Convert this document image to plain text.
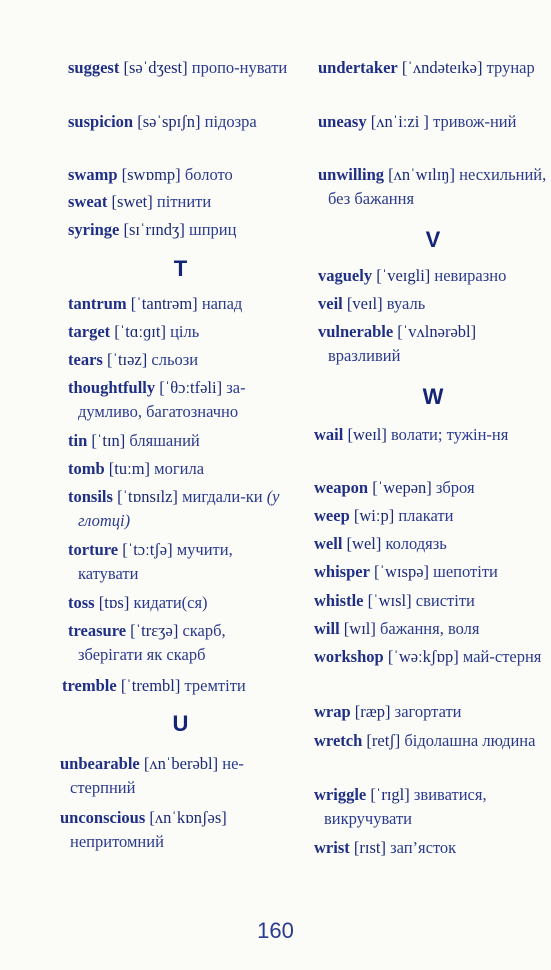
suggest [səˈdʒest] пропо-нувати
suspicion [səˈspɪʃn] підозра
swamp [swɒmp] болото
sweat [swet] пітнити
syringe [sɪˈrɪndʒ] шприц
T
tantrum [ˈtantrəm] напад
target [ˈtɑːɡɪt] ціль
tears [ˈtɪəz] сльози
thoughtfully [ˈθɔːtfəli] за-думливо, багатозначно
tin [ˈtɪn] бляшаний
tomb [tuːm] могила
tonsils [ˈtɒnsɪlz] мигдали-ки (у глотці)
torture [ˈtɔːtʃə] мучити, катувати
toss [tɒs] кидати(ся)
treasure [ˈtrɛʒə] скарб, зберігати як скарб
tremble [ˈtrembl] тремтіти
U
unbearable [ʌnˈberəbl] не-стерпний
unconscious [ʌnˈkɒnʃəs] непритомний
undertaker [ˈʌndəteɪkə] трунар
uneasy [ʌnˈiːzi ] тривож-ний
unwilling [ʌnˈwɪlɪŋ] несхильний, без бажання
V
vaguely [ˈveɪgli] невиразно
veil [veɪl] вуаль
vulnerable [ˈvʌlnərəbl] вразливий
W
wail [weɪl] волати; тужін-ня
weapon [ˈwepən] зброя
weep [wiːp] плакати
well [wel] колодязь
whisper [ˈwɪspə] шепотіти
whistle [ˈwɪsl] свистіти
will [wɪl] бажання, воля
workshop [ˈwəːkʃɒp] май-стерня
wrap [ræp] загортати
wretch [retʃ] бідолашна людина
wriggle [ˈrɪgl] звиватися, викручувати
wrist [rɪst] зап’ясток
160
